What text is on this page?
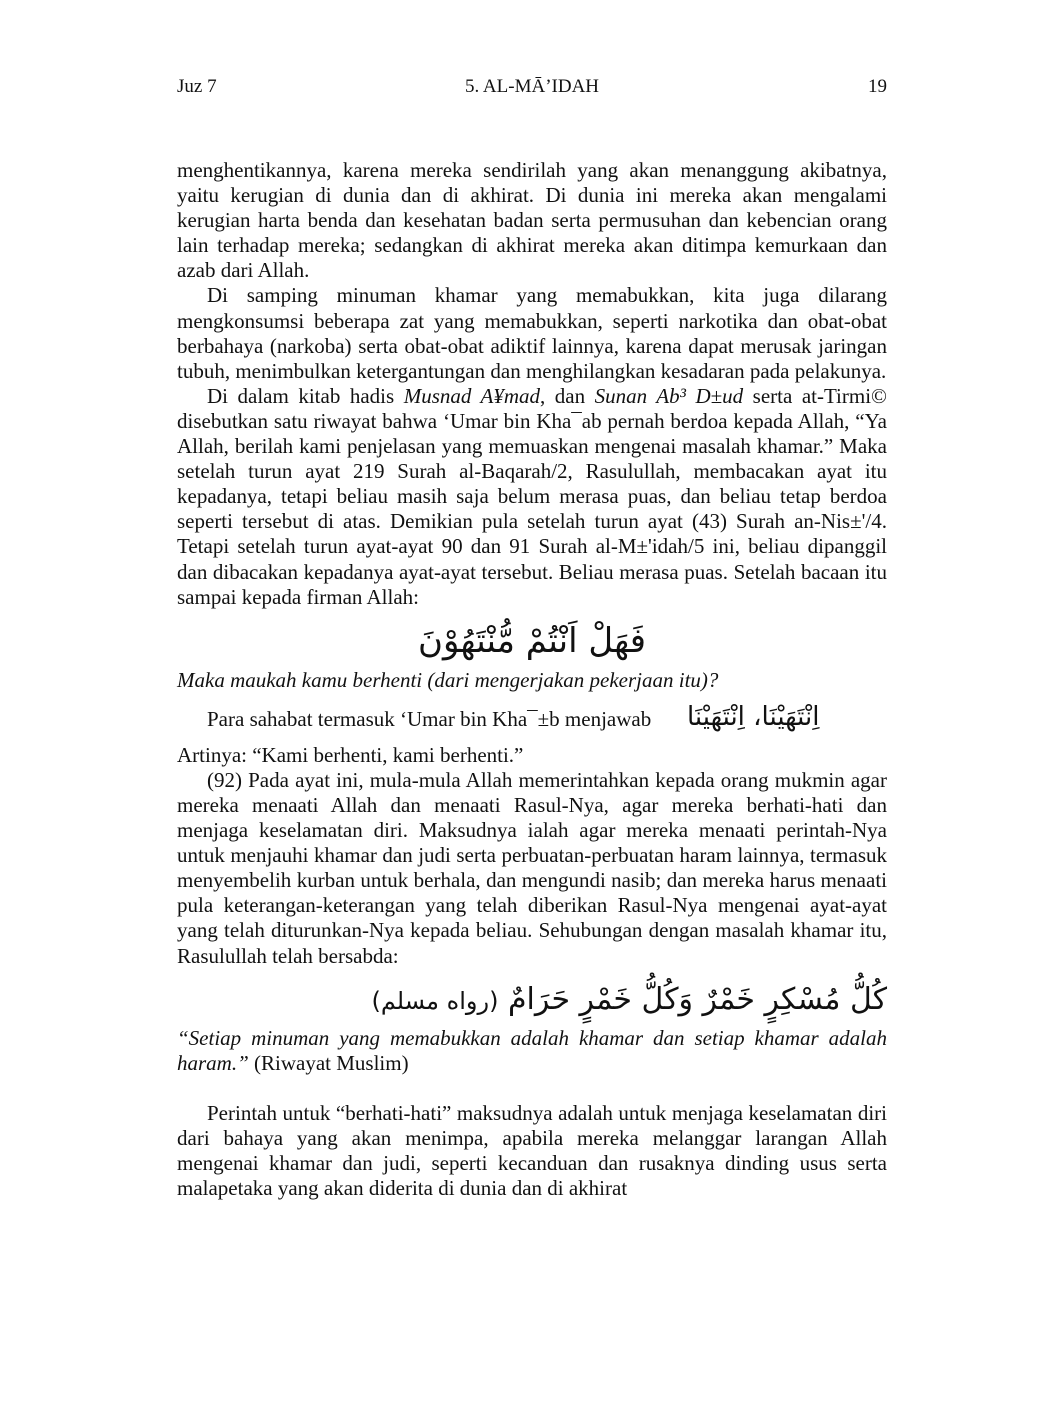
Juz 7	5. AL-MĀ’IDAH	19

menghentikannya, karena mereka sendirilah yang akan menanggung akibatnya, yaitu kerugian di dunia dan di akhirat. Di dunia ini mereka akan mengalami kerugian harta benda dan kesehatan badan serta permusuhan dan kebencian orang lain terhadap mereka; sedangkan di akhirat mereka akan ditimpa kemurkaan dan azab dari Allah.

Di samping minuman khamar yang memabukkan, kita juga dilarang mengkonsumsi beberapa zat yang memabukkan, seperti narkotika dan obat-obat berbahaya (narkoba) serta obat-obat adiktif lainnya, karena dapat merusak jaringan tubuh, menimbulkan ketergantungan dan menghilangkan kesadaran pada pelakunya.

Di dalam kitab hadis Musnad A¥mad, dan Sunan Ab³ D±ud serta at-Tirmi© disebutkan satu riwayat bahwa ‘Umar bin Kha¯ab pernah berdoa kepada Allah, “Ya Allah, berilah kami penjelasan yang memuaskan mengenai masalah khamar.” Maka setelah turun ayat 219 Surah al-Baqarah/2, Rasulullah, membacakan ayat itu kepadanya, tetapi beliau masih saja belum merasa puas, dan beliau tetap berdoa seperti tersebut di atas. Demikian pula setelah turun ayat (43) Surah an-Nis±'/4. Tetapi setelah turun ayat-ayat 90 dan 91 Surah al-M±'idah/5 ini, beliau dipanggil dan dibacakan kepadanya ayat-ayat tersebut. Beliau merasa puas. Setelah bacaan itu sampai kepada firman Allah:

فَهَلْ اَنْتُمْ مُّنْتَهُوْنَ

Maka maukah kamu berhenti (dari mengerjakan pekerjaan itu)?

Para sahabat termasuk ‘Umar bin Kha¯±b menjawab اِنْتَهَيْنَا، اِنْتَهَيْنَا

Artinya: “Kami berhenti, kami berhenti.”

(92) Pada ayat ini, mula-mula Allah memerintahkan kepada orang mukmin agar mereka menaati Allah dan menaati Rasul-Nya, agar mereka berhati-hati dan menjaga keselamatan diri. Maksudnya ialah agar mereka menaati perintah-Nya untuk menjauhi khamar dan judi serta perbuatan-perbuatan haram lainnya, termasuk menyembelih kurban untuk berhala, dan mengundi nasib; dan mereka harus menaati pula keterangan-keterangan yang telah diberikan Rasul-Nya mengenai ayat-ayat yang telah diturunkan-Nya kepada beliau. Sehubungan dengan masalah khamar itu, Rasulullah telah bersabda:

كُلُّ مُسْكِرٍ خَمْرٌ وَكُلُّ خَمْرٍ حَرَامٌ (رواه مسلم)

“Setiap minuman yang memabukkan adalah khamar dan setiap khamar adalah haram.” (Riwayat Muslim)

Perintah untuk “berhati-hati” maksudnya adalah untuk menjaga keselamatan diri dari bahaya yang akan menimpa, apabila mereka melanggar larangan Allah mengenai khamar dan judi, seperti kecanduan dan rusaknya dinding usus serta malapetaka yang akan diderita di dunia dan di akhirat
